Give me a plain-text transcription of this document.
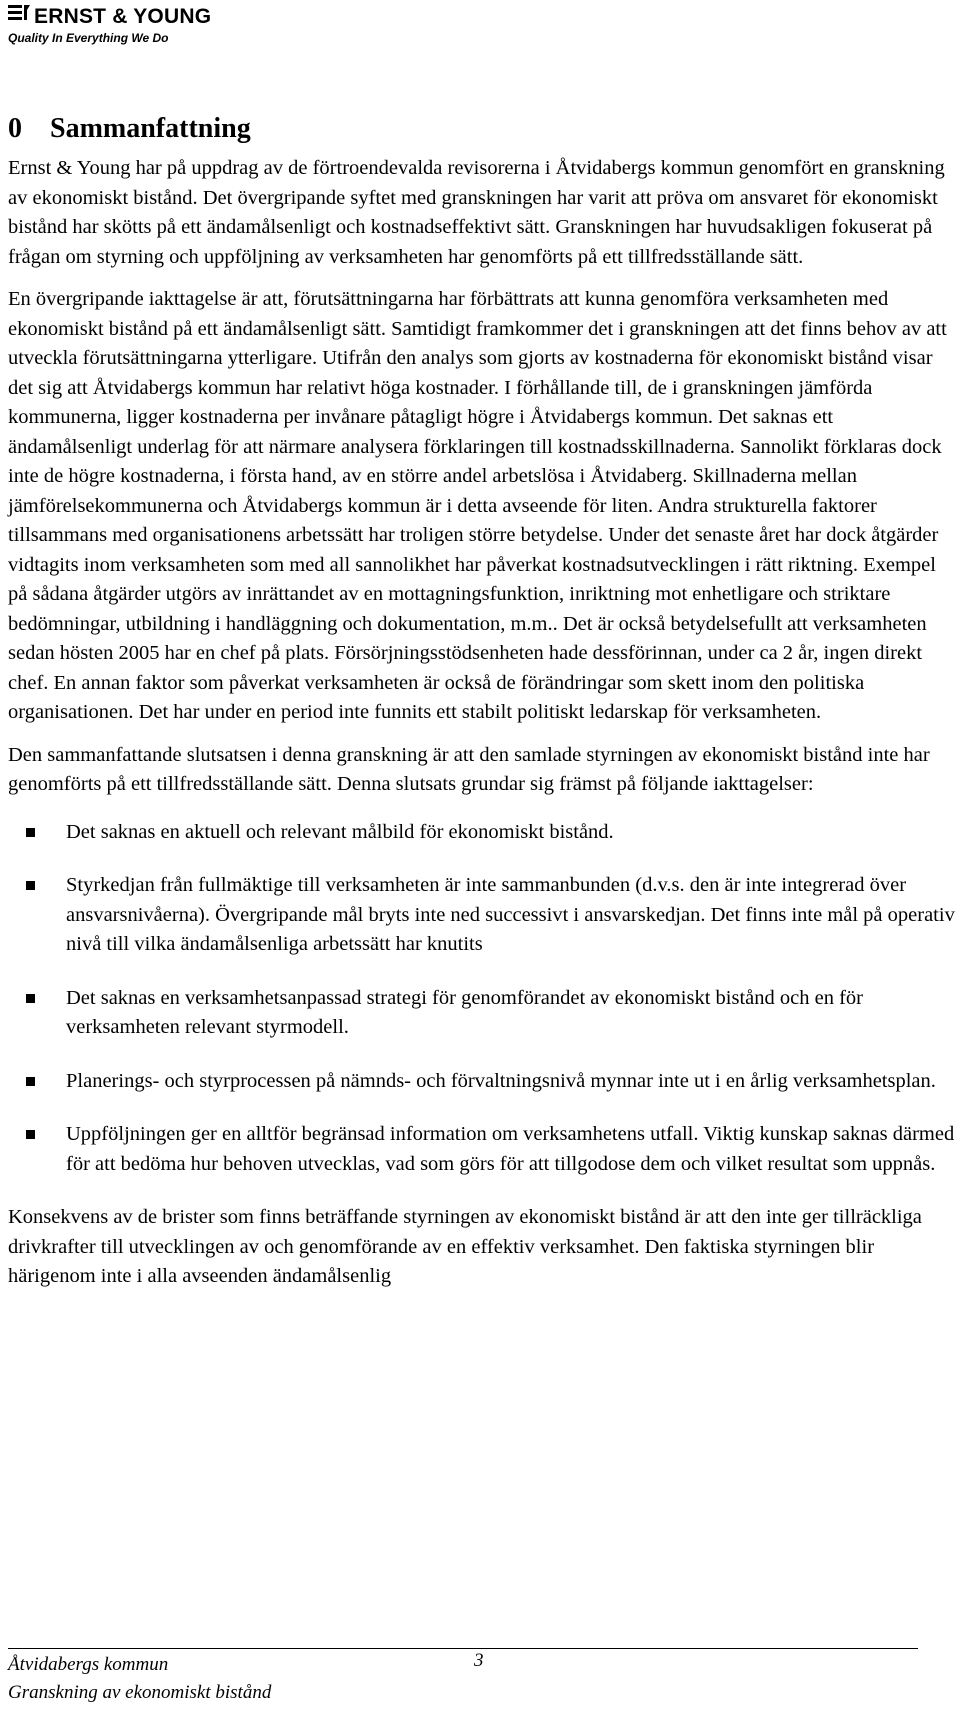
ERNST & YOUNG
Quality In Everything We Do
0 Sammanfattning

Ernst & Young har på uppdrag av de förtroendevalda revisorerna i Åtvidabergs kommun genomfört en granskning av ekonomiskt bistånd. Det övergripande syftet med granskningen har varit att pröva om ansvaret för ekonomiskt bistånd har skötts på ett ändamålsenligt och kostnadseffektivt sätt. Granskningen har huvudsakligen fokuserat på frågan om styrning och uppföljning av verksamheten har genomförts på ett tillfredsställande sätt.

En övergripande iakttagelse är att, förutsättningarna har förbättrats att kunna genomföra verksamheten med ekonomiskt bistånd på ett ändamålsenligt sätt. Samtidigt framkommer det i granskningen att det finns behov av att utveckla förutsättningarna ytterligare. Utifrån den analys som gjorts av kostnaderna för ekonomiskt bistånd visar det sig att Åtvidabergs kommun har relativt höga kostnader. I förhållande till, de i granskningen jämförda kommunerna, ligger kostnaderna per invånare påtagligt högre i Åtvidabergs kommun. Det saknas ett ändamålsenligt underlag för att närmare analysera förklaringen till kostnadsskillnaderna. Sannolikt förklaras dock inte de högre kostnaderna, i första hand, av en större andel arbetslösa i Åtvidaberg. Skillnaderna mellan jämförelsekommunerna och Åtvidabergs kommun är i detta avseende för liten. Andra strukturella faktorer tillsammans med organisationens arbetssätt har troligen större betydelse. Under det senaste året har dock åtgärder vidtagits inom verksamheten som med all sannolikhet har påverkat kostnadsutvecklingen i rätt riktning. Exempel på sådana åtgärder utgörs av inrättandet av en mottagningsfunktion, inriktning mot enhetligare och striktare bedömningar, utbildning i handläggning och dokumentation, m.m.. Det är också betydelsefullt att verksamheten sedan hösten 2005 har en chef på plats. Försörjningsstödsenheten hade dessförinnan, under ca 2 år, ingen direkt chef. En annan faktor som påverkat verksamheten är också de förändringar som skett inom den politiska organisationen. Det har under en period inte funnits ett stabilt politiskt ledarskap för verksamheten.

Den sammanfattande slutsatsen i denna granskning är att den samlade styrningen av ekonomiskt bistånd inte har genomförts på ett tillfredsställande sätt. Denna slutsats grundar sig främst på följande iakttagelser:

Det saknas en aktuell och relevant målbild för ekonomiskt bistånd.
Styrkedjan från fullmäktige till verksamheten är inte sammanbunden (d.v.s. den är inte integrerad över ansvarsnivåerna). Övergripande mål bryts inte ned successivt i ansvarskedjan. Det finns inte mål på operativ nivå till vilka ändamålsenliga arbetssätt har knutits
Det saknas en verksamhetsanpassad strategi för genomförandet av ekonomiskt bistånd och en för verksamheten relevant styrmodell.
Planerings- och styrprocessen på nämnds- och förvaltningsnivå mynnar inte ut i en årlig verksamhetsplan.
Uppföljningen ger en alltför begränsad information om verksamhetens utfall. Viktig kunskap saknas därmed för att bedöma hur behoven utvecklas, vad som görs för att tillgodose dem och vilket resultat som uppnås.

Konsekvens av de brister som finns beträffande styrningen av ekonomiskt bistånd är att den inte ger tillräckliga drivkrafter till utvecklingen av och genomförande av en effektiv verksamhet. Den faktiska styrningen blir härigenom inte i alla avseenden ändamålsenlig

Åtvidabergs kommun	3
Granskning av ekonomiskt bistånd
